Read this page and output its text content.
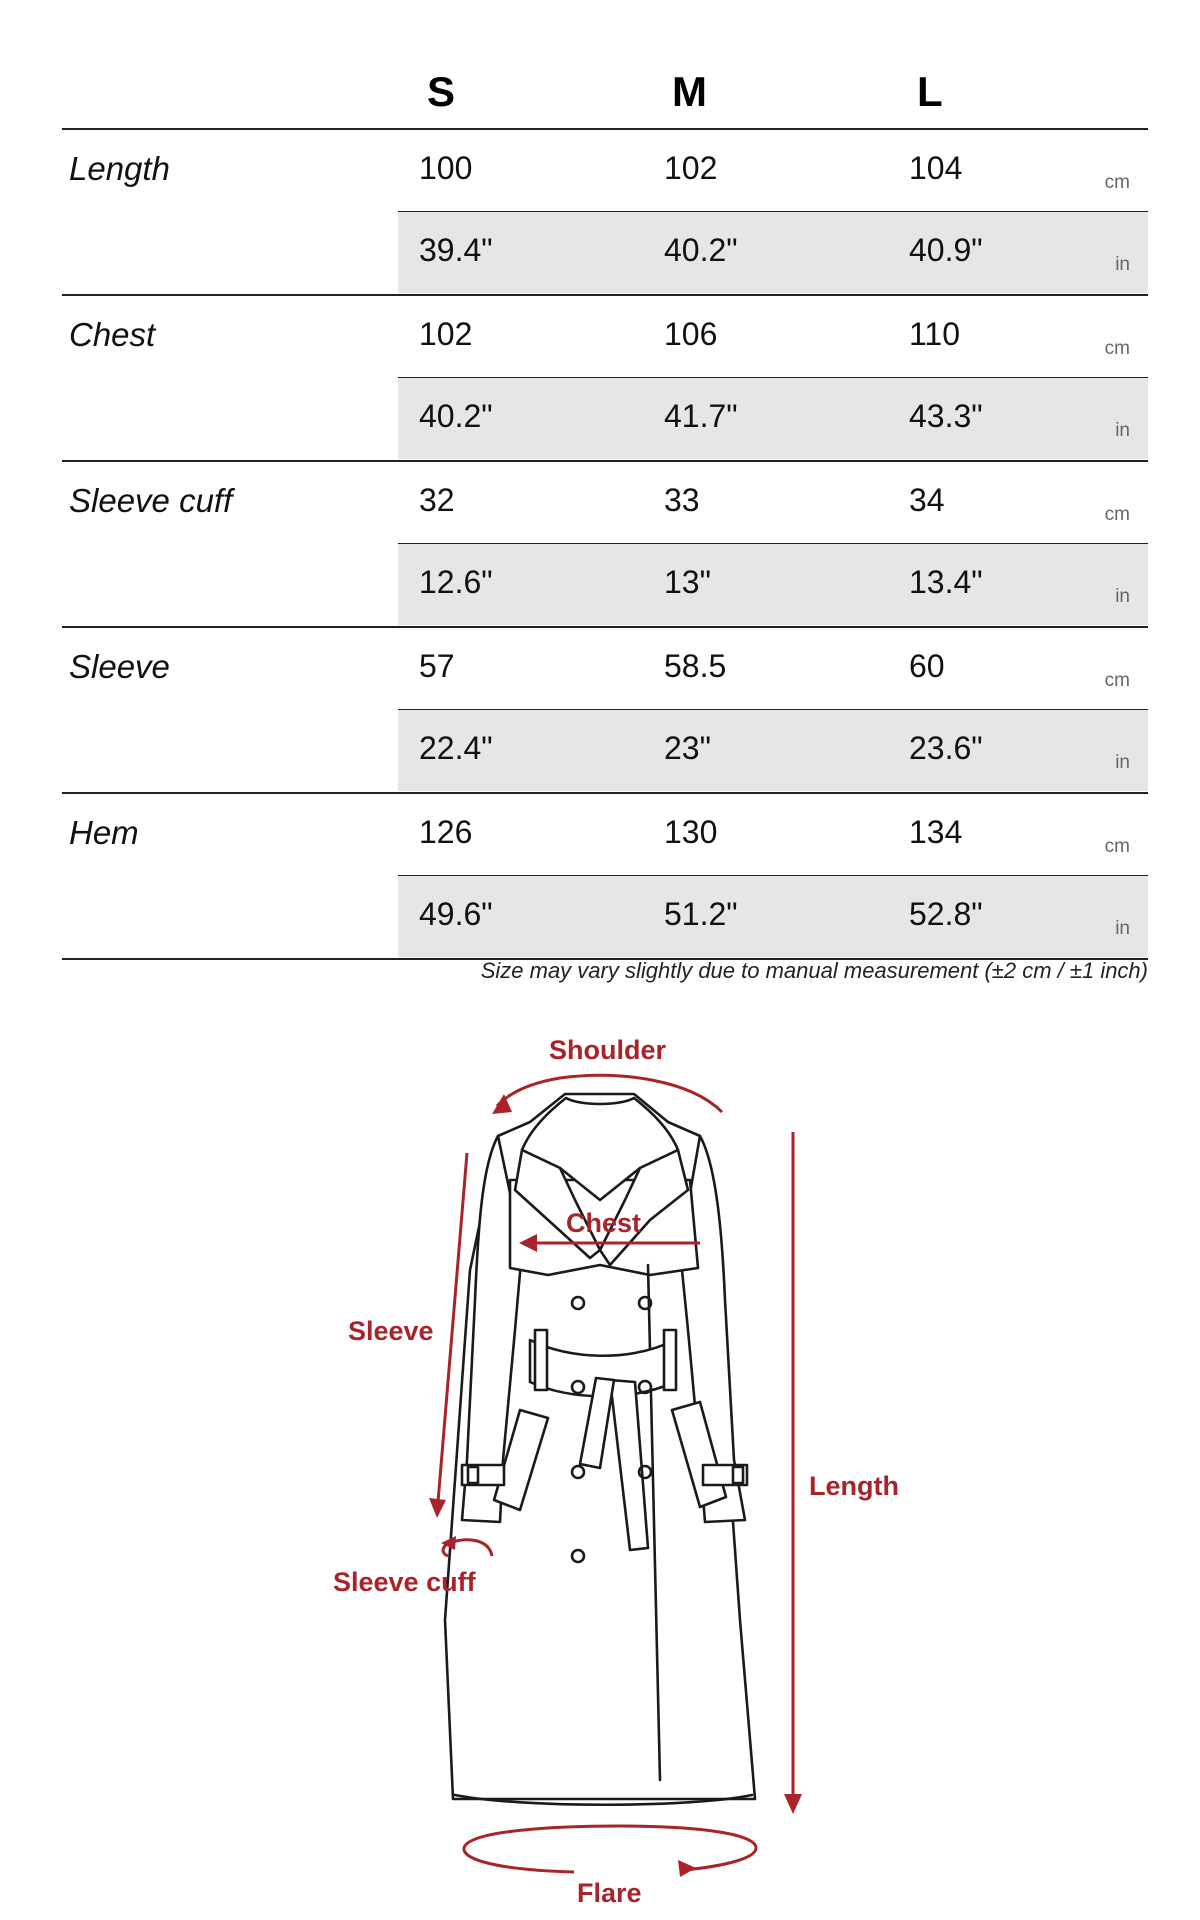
S	M	L
Length	100	102	104	cm
39.4"	40.2"	40.9"	in
Chest	102	106	110	cm
40.2"	41.7"	43.3"	in
Sleeve cuff	32	33	34	cm
12.6"	13"	13.4"	in
Sleeve	57	58.5	60	cm
22.4"	23"	23.6"	in
Hem	126	130	134	cm
49.6"	51.2"	52.8"	in
Size may vary slightly due to manual measurement (±2 cm / ±1 inch)
Shoulder
Chest
Sleeve
Length
Sleeve cuff
Flare
